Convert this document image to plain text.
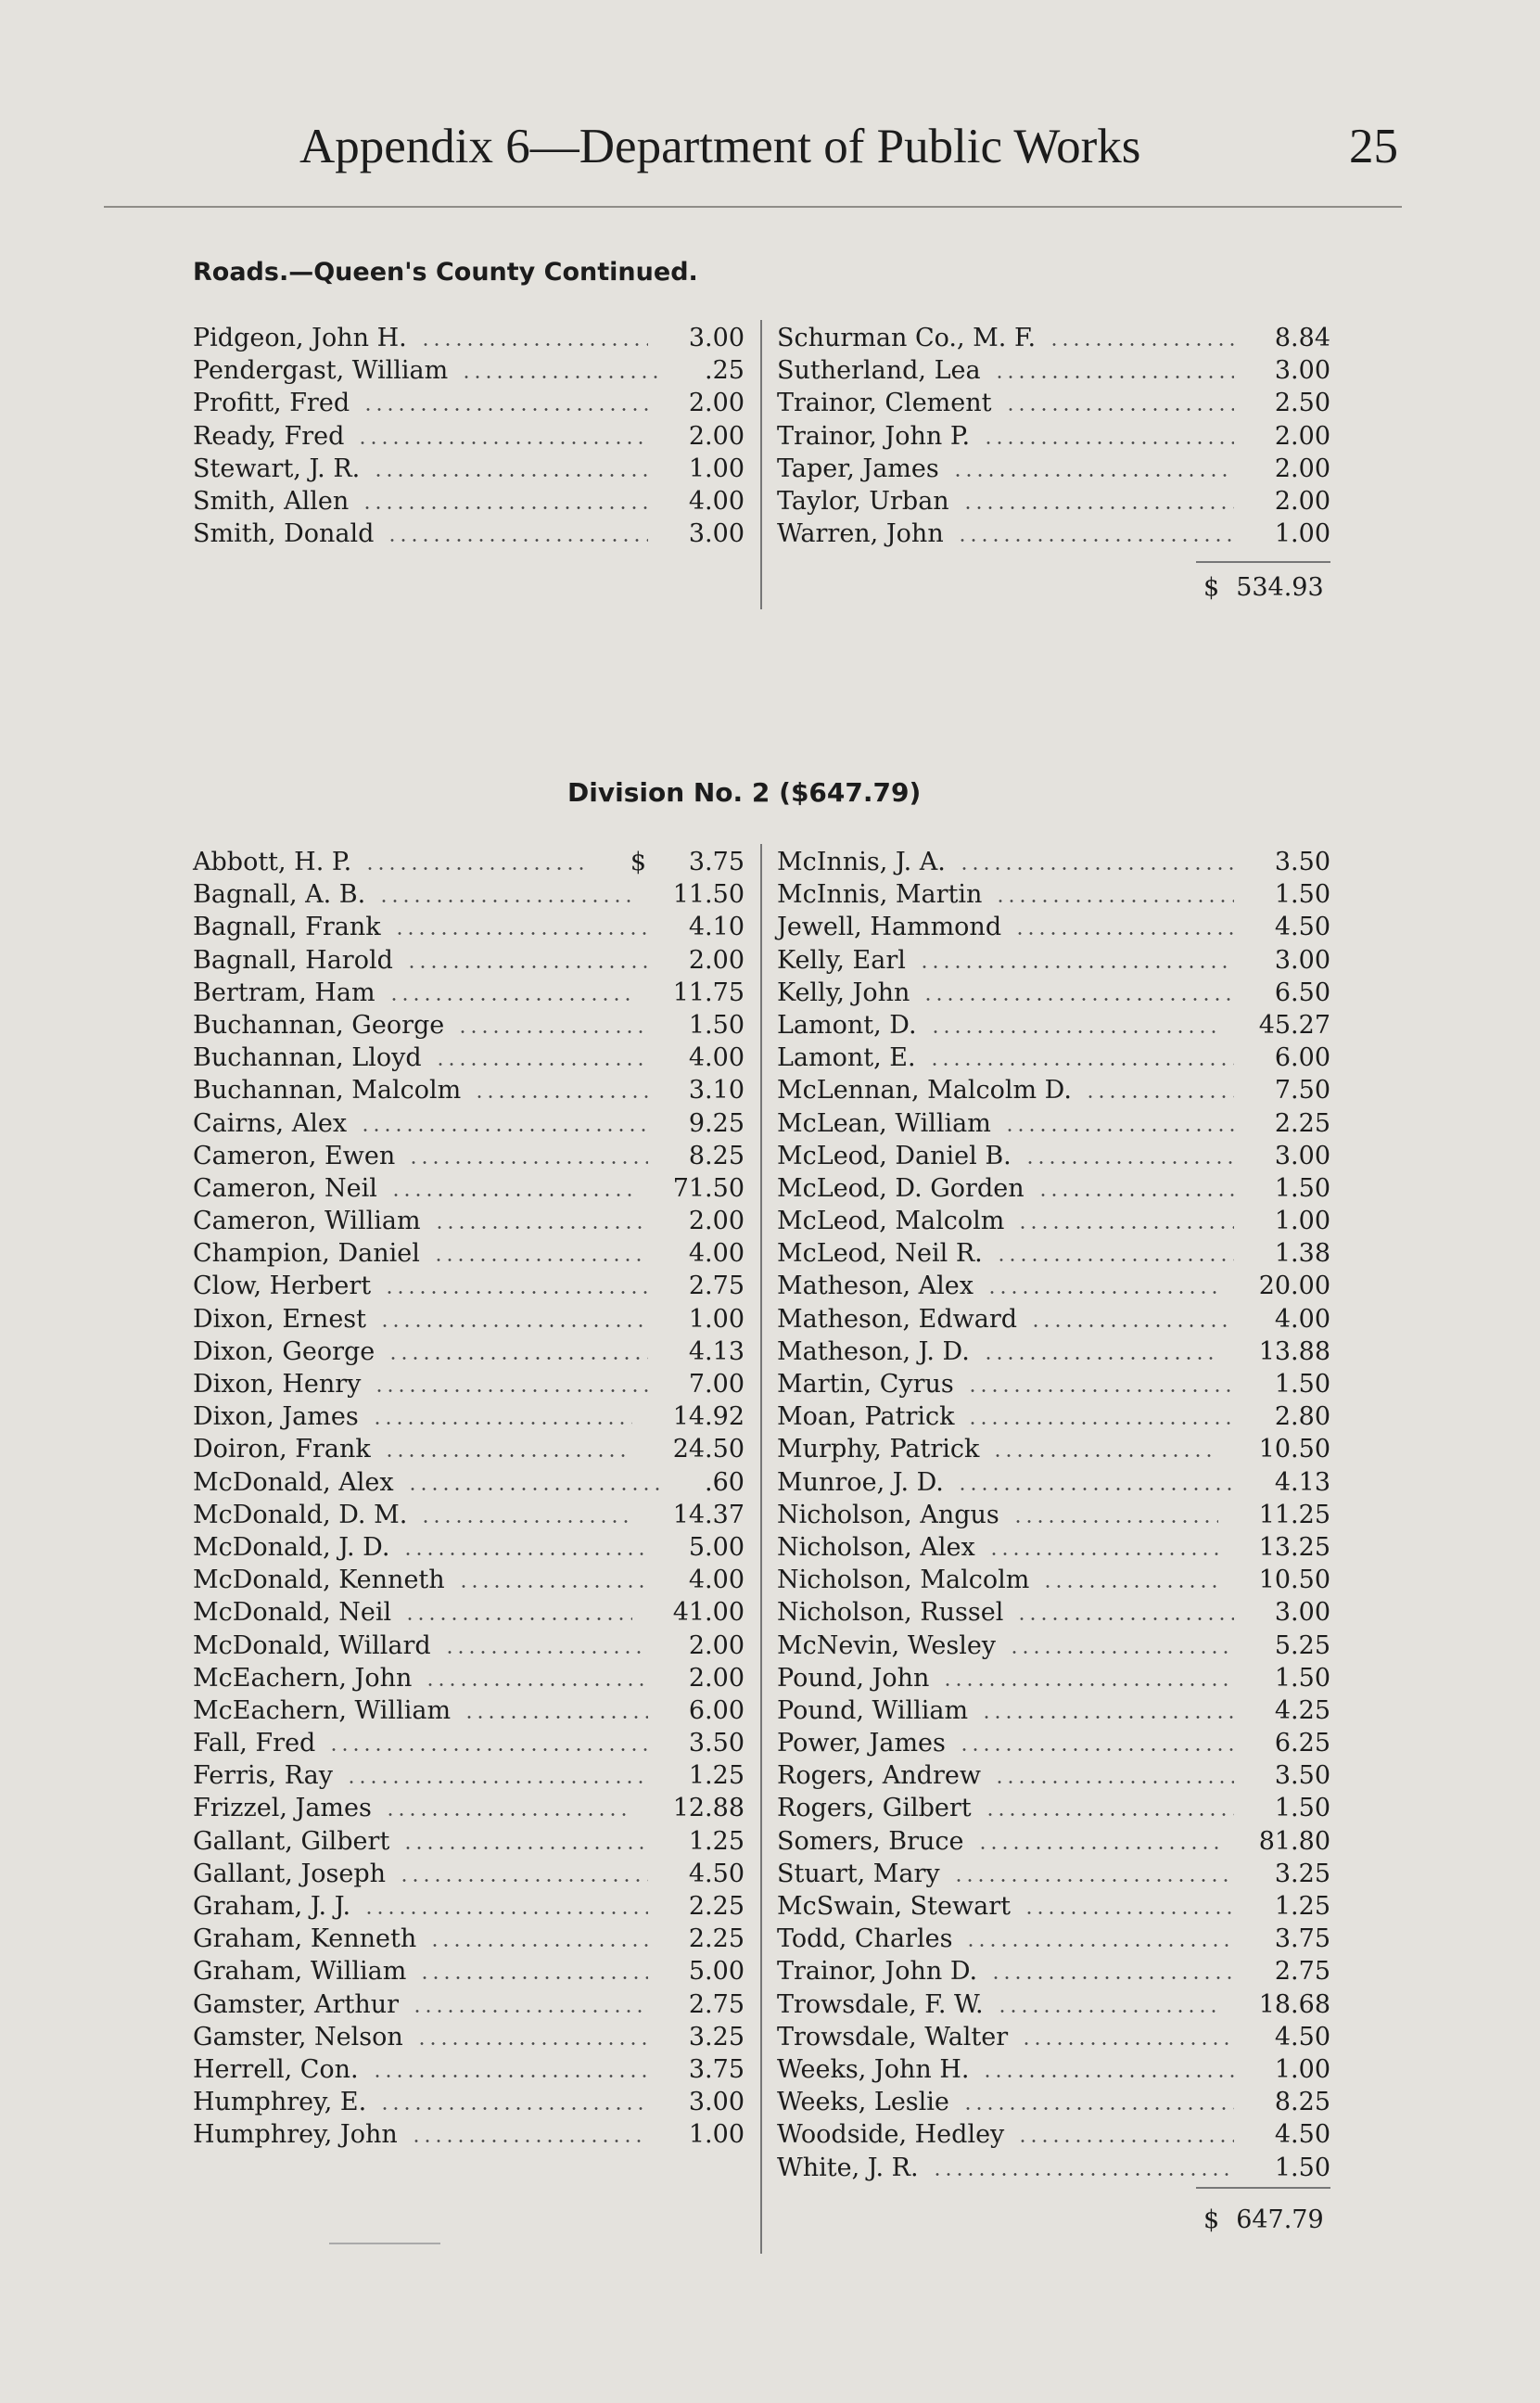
Appendix 6—Department of Public Works	25
Roads.—Queen's County Continued.
Pidgeon, John H.	3.00
Pendergast, William	.25
Profitt, Fred	2.00
Ready, Fred	2.00
Stewart, J. R.	1.00
Smith, Allen	4.00
Smith, Donald	3.00
Schurman Co., M. F.	8.84
Sutherland, Lea	3.00
Trainor, Clement	2.50
Trainor, John P.	2.00
Taper, James	2.00
Taylor, Urban	2.00
Warren, John	1.00
$ 534.93
Division No. 2 ($647.79)
Abbott, H. P.	$ 3.75
Bagnall, A. B.	11.50
Bagnall, Frank	4.10
Bagnall, Harold	2.00
Bertram, Ham	11.75
Buchannan, George	1.50
Buchannan, Lloyd	4.00
Buchannan, Malcolm	3.10
Cairns, Alex	9.25
Cameron, Ewen	8.25
Cameron, Neil	71.50
Cameron, William	2.00
Champion, Daniel	4.00
Clow, Herbert	2.75
Dixon, Ernest	1.00
Dixon, George	4.13
Dixon, Henry	7.00
Dixon, James	14.92
Doiron, Frank	24.50
McDonald, Alex	.60
McDonald, D. M.	14.37
McDonald, J. D.	5.00
McDonald, Kenneth	4.00
McDonald, Neil	41.00
McDonald, Willard	2.00
McEachern, John	2.00
McEachern, William	6.00
Fall, Fred	3.50
Ferris, Ray	1.25
Frizzel, James	12.88
Gallant, Gilbert	1.25
Gallant, Joseph	4.50
Graham, J. J.	2.25
Graham, Kenneth	2.25
Graham, William	5.00
Gamster, Arthur	2.75
Gamster, Nelson	3.25
Herrell, Con.	3.75
Humphrey, E.	3.00
Humphrey, John	1.00
McInnis, J. A.	3.50
McInnis, Martin	1.50
Jewell, Hammond	4.50
Kelly, Earl	3.00
Kelly, John	6.50
Lamont, D.	45.27
Lamont, E.	6.00
McLennan, Malcolm D.	7.50
McLean, William	2.25
McLeod, Daniel B.	3.00
McLeod, D. Gorden	1.50
McLeod, Malcolm	1.00
McLeod, Neil R.	1.38
Matheson, Alex	20.00
Matheson, Edward	4.00
Matheson, J. D.	13.88
Martin, Cyrus	1.50
Moan, Patrick	2.80
Murphy, Patrick	10.50
Munroe, J. D.	4.13
Nicholson, Angus	11.25
Nicholson, Alex	13.25
Nicholson, Malcolm	10.50
Nicholson, Russel	3.00
McNevin, Wesley	5.25
Pound, John	1.50
Pound, William	4.25
Power, James	6.25
Rogers, Andrew	3.50
Rogers, Gilbert	1.50
Somers, Bruce	81.80
Stuart, Mary	3.25
McSwain, Stewart	1.25
Todd, Charles	3.75
Trainor, John D.	2.75
Trowsdale, F. W.	18.68
Trowsdale, Walter	4.50
Weeks, John H.	1.00
Weeks, Leslie	8.25
Woodside, Hedley	4.50
White, J. R.	1.50
$ 647.79
